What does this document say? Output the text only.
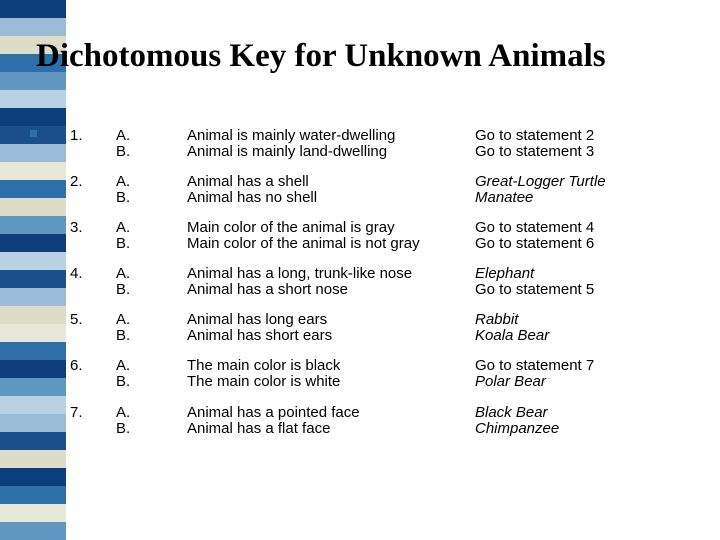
Dichotomous Key for Unknown Animals
1. A.
B.
Animal is mainly water-dwelling
Animal is mainly land-dwelling
Go to statement 2
Go to statement 3
2. A.
B.
Animal has a shell
Animal has no shell
Great-Logger Turtle
Manatee
3. A.
B.
Main color of the animal is gray
Main color of the animal is not gray
Go to statement 4
Go to statement 6
4. A.
B.
Animal has a long, trunk-like nose
Animal has a short nose
Elephant
Go to statement 5
5. A.
B.
Animal has long ears
Animal has short ears
Rabbit
Koala Bear
6. A.
B.
The main color is black
The main color is white
Go to statement 7
Polar Bear
7. A.
B.
Animal has a pointed face
Animal has a flat face
Black Bear
Chimpanzee
